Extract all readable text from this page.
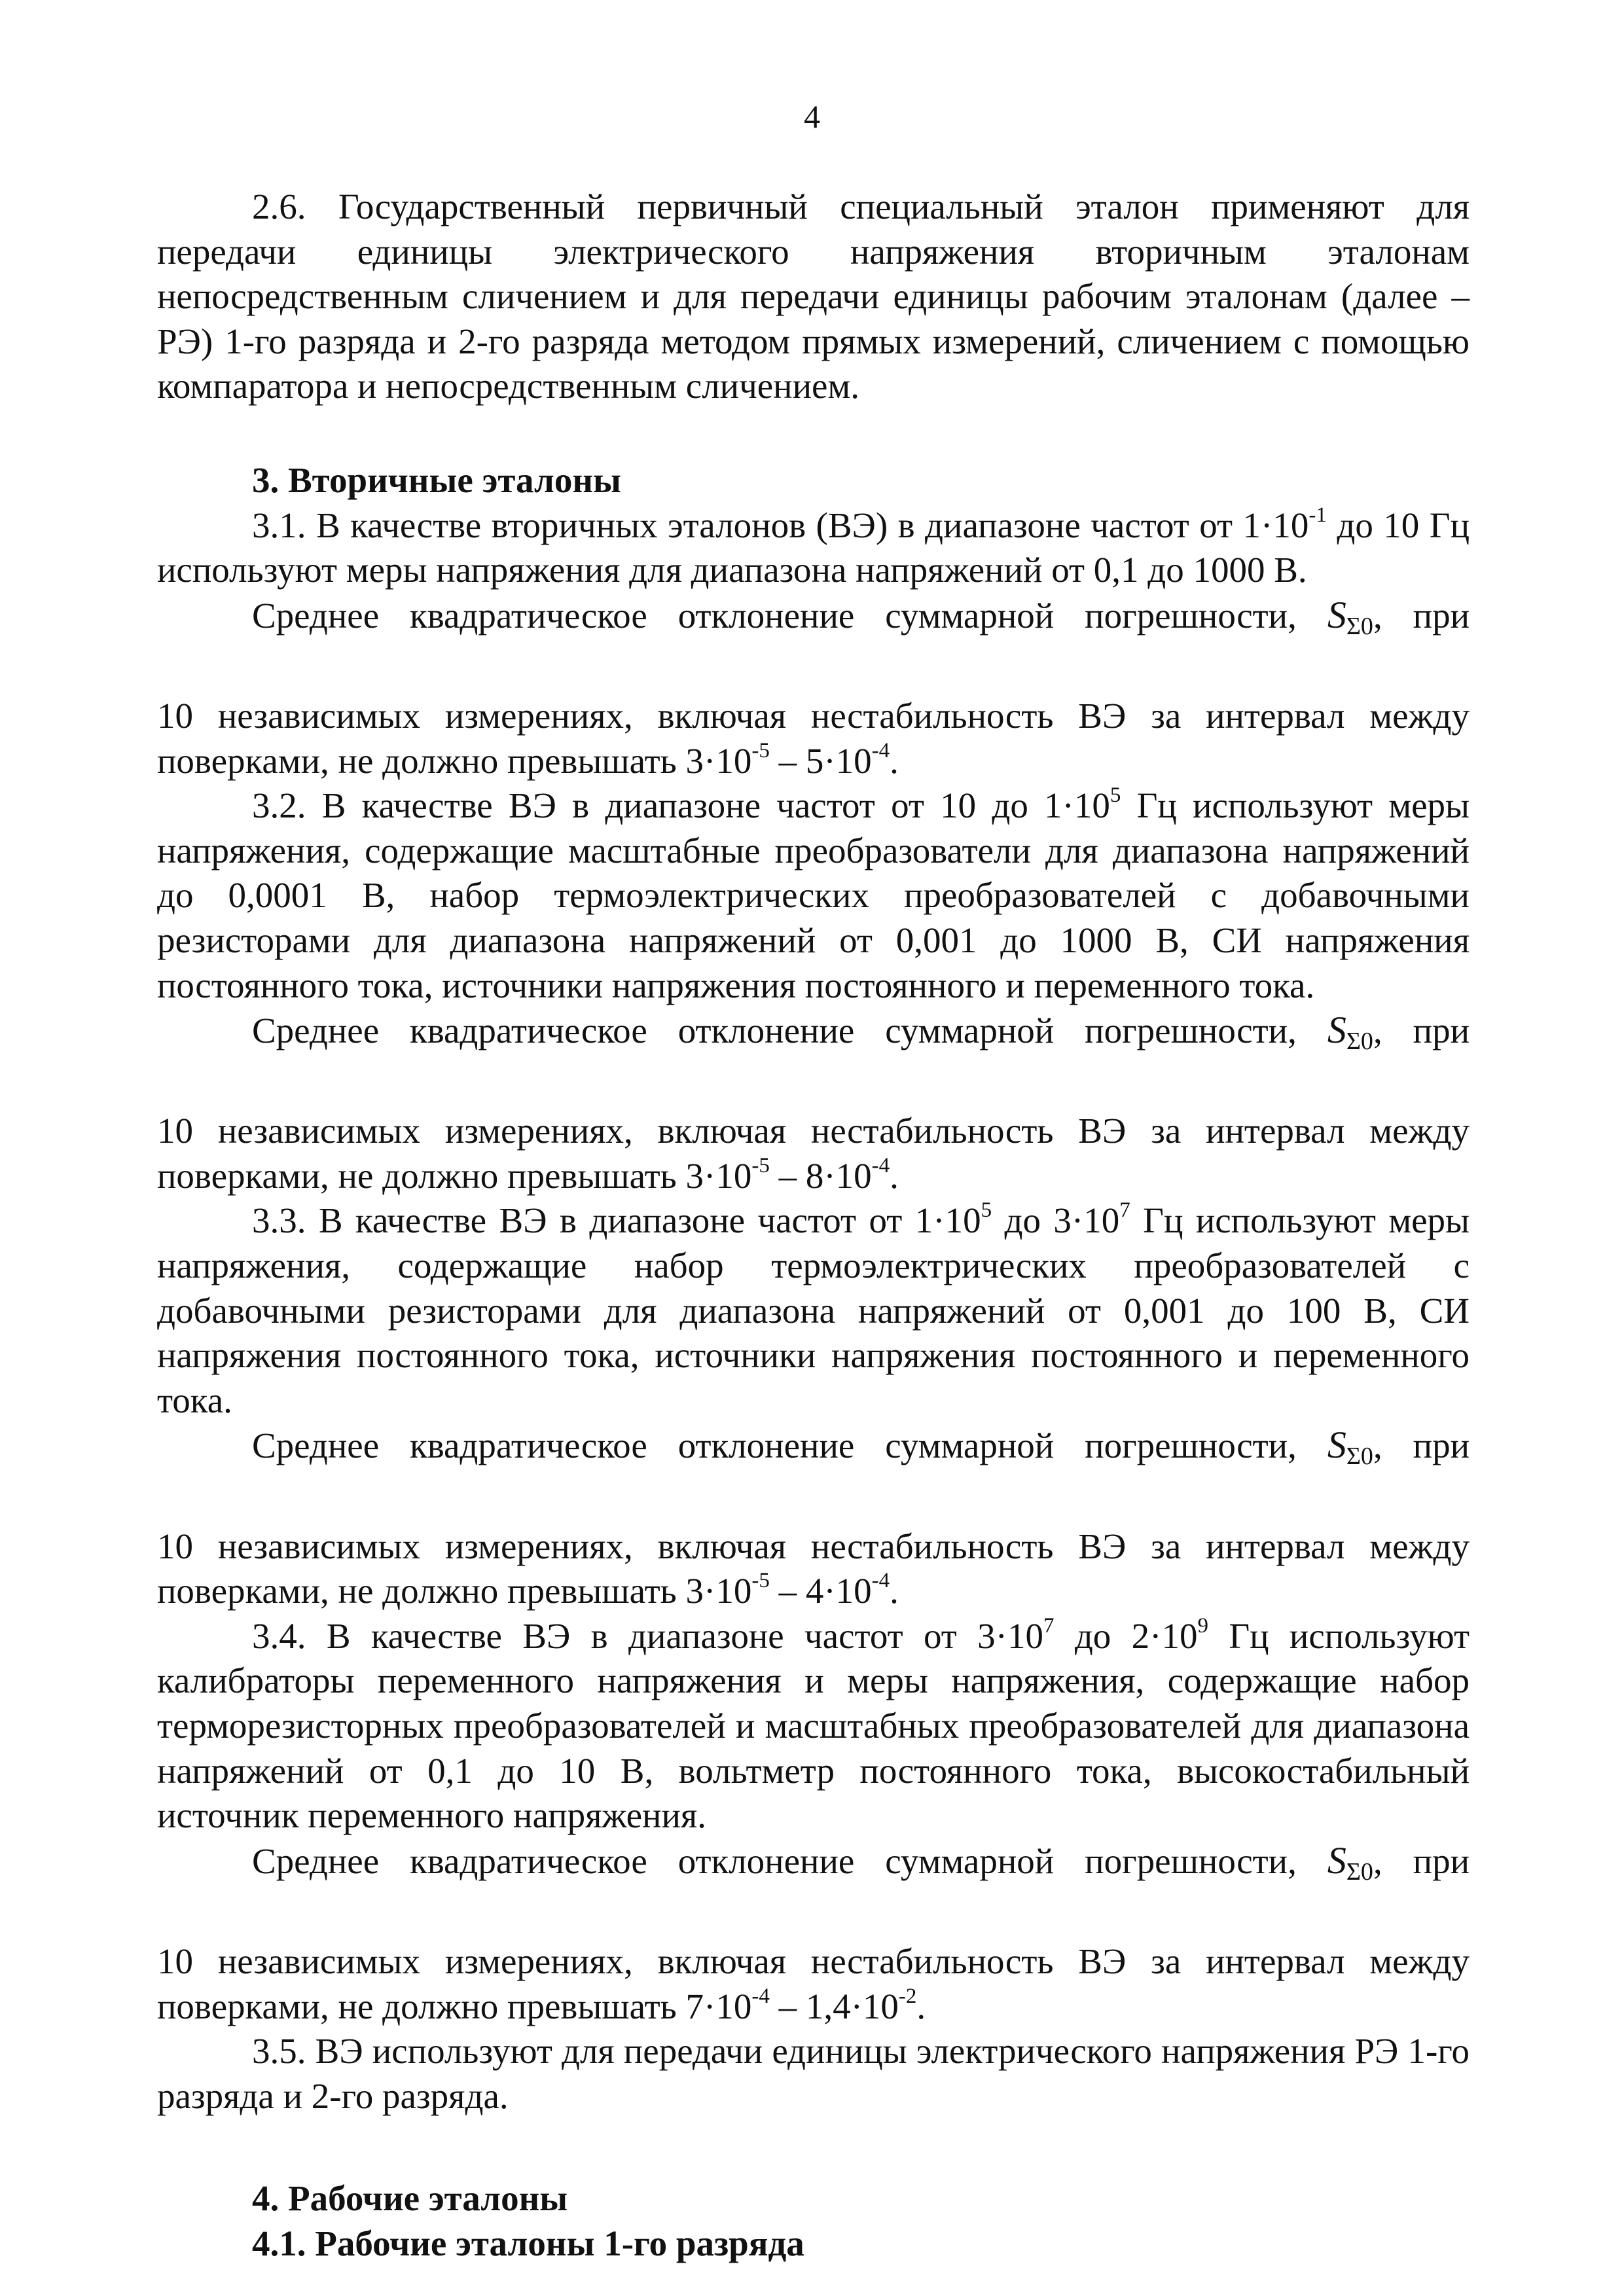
4

2.6. Государственный первичный специальный эталон применяют для передачи единицы электрического напряжения вторичным эталонам непосредственным сличением и для передачи единицы рабочим эталонам (далее – РЭ) 1-го разряда и 2-го разряда методом прямых измерений, сличением с помощью компаратора и непосредственным сличением.

3. Вторичные эталоны

3.1. В качестве вторичных эталонов (ВЭ) в диапазоне частот от $1\cdot 10^{-1}$ до 10 Гц используют меры напряжения для диапазона напряжений от 0,1 до 1000 В.

Среднее квадратическое отклонение суммарной погрешности, $S_{\Sigma 0}$, при

10 независимых измерениях, включая нестабильность ВЭ за интервал между поверками, не должно превышать $3\cdot 10^{-5} - 5\cdot 10^{-4}$.

3.2. В качестве ВЭ в диапазоне частот от 10 до $1\cdot 10^5$ Гц используют меры напряжения, содержащие масштабные преобразователи для диапазона напряжений до 0,0001 В, набор термоэлектрических преобразователей с добавочными резисторами для диапазона напряжений от 0,001 до 1000 В, СИ напряжения постоянного тока, источники напряжения постоянного и переменного тока.

Среднее квадратическое отклонение суммарной погрешности, $S_{\Sigma 0}$, при

10 независимых измерениях, включая нестабильность ВЭ за интервал между поверками, не должно превышать $3\cdot 10^{-5} - 8\cdot 10^{-4}$.

3.3. В качестве ВЭ в диапазоне частот от $1\cdot 10^5$ до $3\cdot 10^7$ Гц используют меры напряжения, содержащие набор термоэлектрических преобразователей с добавочными резисторами для диапазона напряжений от 0,001 до 100 В, СИ напряжения постоянного тока, источники напряжения постоянного и переменного тока.

Среднее квадратическое отклонение суммарной погрешности, $S_{\Sigma 0}$, при

10 независимых измерениях, включая нестабильность ВЭ за интервал между поверками, не должно превышать $3\cdot 10^{-5} - 4\cdot 10^{-4}$.

3.4. В качестве ВЭ в диапазоне частот от $3\cdot 10^7$ до $2\cdot 10^9$ Гц используют калибраторы переменного напряжения и меры напряжения, содержащие набор терморезисторных преобразователей и масштабных преобразователей для диапазона напряжений от 0,1 до 10 В, вольтметр постоянного тока, высокостабильный источник переменного напряжения.

Среднее квадратическое отклонение суммарной погрешности, $S_{\Sigma 0}$, при

10 независимых измерениях, включая нестабильность ВЭ за интервал между поверками, не должно превышать $7\cdot 10^{-4} - 1,4\cdot 10^{-2}$.

3.5. ВЭ используют для передачи единицы электрического напряжения РЭ 1-го разряда и 2-го разряда.

4. Рабочие эталоны

4.1. Рабочие эталоны 1-го разряда
